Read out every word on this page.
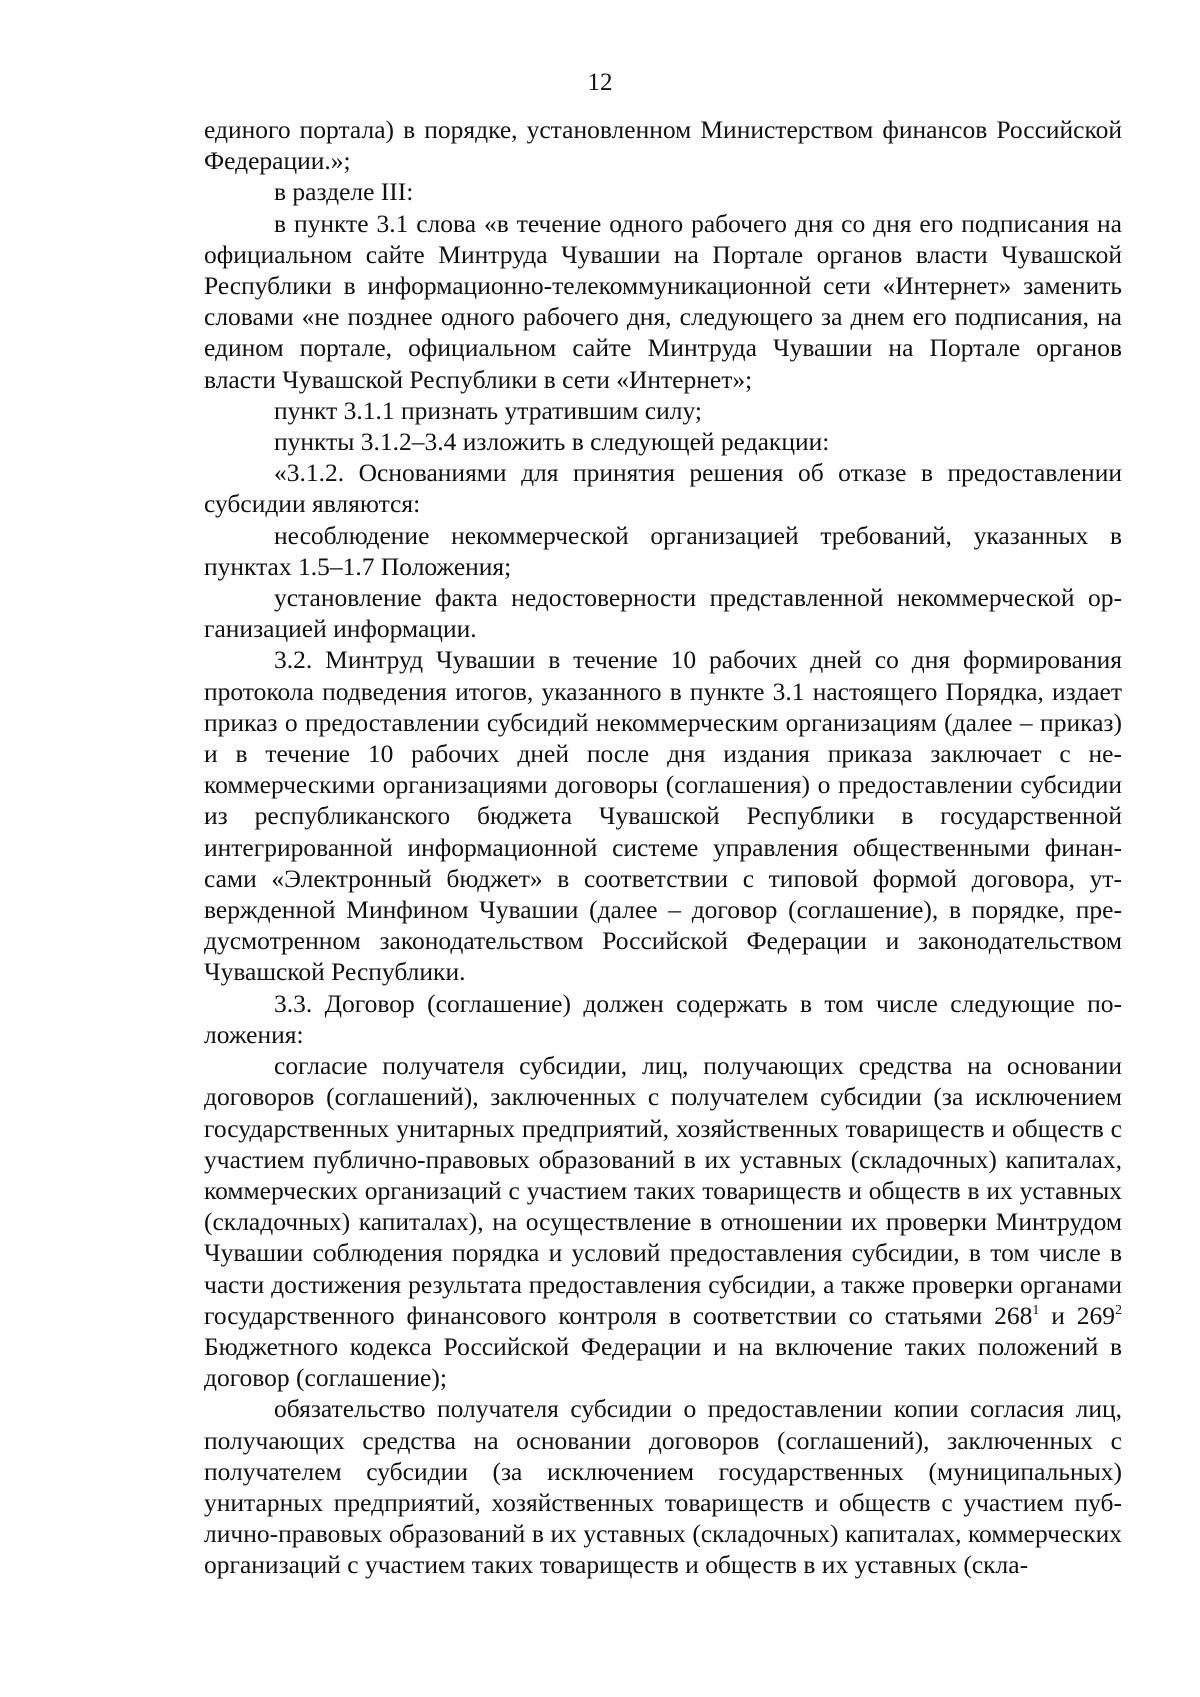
12

единого портала) в порядке, установленном Министерством финансов Российской Федерации.»;

в разделе III:

в пункте 3.1 слова «в течение одного рабочего дня со дня его подписания на официальном сайте Минтруда Чувашии на Портале органов власти Чувашской Республики в информационно-телекоммуникационной сети «Интернет» заменить словами «не позднее одного рабочего дня, следующего за днем его подписания, на едином портале, официальном сайте Минтруда Чувашии на Портале органов власти Чувашской Республики в сети «Интернет»;

пункт 3.1.1 признать утратившим силу;

пункты 3.1.2–3.4 изложить в следующей редакции:

«3.1.2. Основаниями для принятия решения об отказе в предоставлении субсидии являются:

несоблюдение некоммерческой организацией требований, указанных в пунктах 1.5–1.7 Положения;

установление факта недостоверности представленной некоммерческой организацией информации.

3.2. Минтруд Чувашии в течение 10 рабочих дней со дня формирования протокола подведения итогов, указанного в пункте 3.1 настоящего Порядка, издает приказ о предоставлении субсидий некоммерческим организациям (далее – приказ) и в течение 10 рабочих дней после дня издания приказа заключает с некоммерческими организациями договоры (соглашения) о предоставлении субсидии из республиканского бюджета Чувашской Республики в государственной интегрированной информационной системе управления общественными финансами «Электронный бюджет» в соответствии с типовой формой договора, утвержденной Минфином Чувашии (далее – договор (соглашение), в порядке, предусмотренном законодательством Российской Федерации и законодательством Чувашской Республики.

3.3. Договор (соглашение) должен содержать в том числе следующие положения:

согласие получателя субсидии, лиц, получающих средства на основании договоров (соглашений), заключенных с получателем субсидии (за исключением государственных унитарных предприятий, хозяйственных товариществ и обществ с участием публично-правовых образований в их уставных (складочных) капиталах, коммерческих организаций с участием таких товариществ и обществ в их уставных (складочных) капиталах), на осуществление в отношении их проверки Минтрудом Чувашии соблюдения порядка и условий предоставления субсидии, в том числе в части достижения результата предоставления субсидии, а также проверки органами государственного финансового контроля в соответствии со статьями $268^1$ и $269^2$ Бюджетного кодекса Российской Федерации и на включение таких положений в договор (соглашение);

обязательство получателя субсидии о предоставлении копии согласия лиц, получающих средства на основании договоров (соглашений), заключенных с получателем субсидии (за исключением государственных (муниципальных) унитарных предприятий, хозяйственных товариществ и обществ с участием публично-правовых образований в их уставных (складочных) капиталах, коммерческих организаций с участием таких товариществ и обществ в их уставных (скла-
